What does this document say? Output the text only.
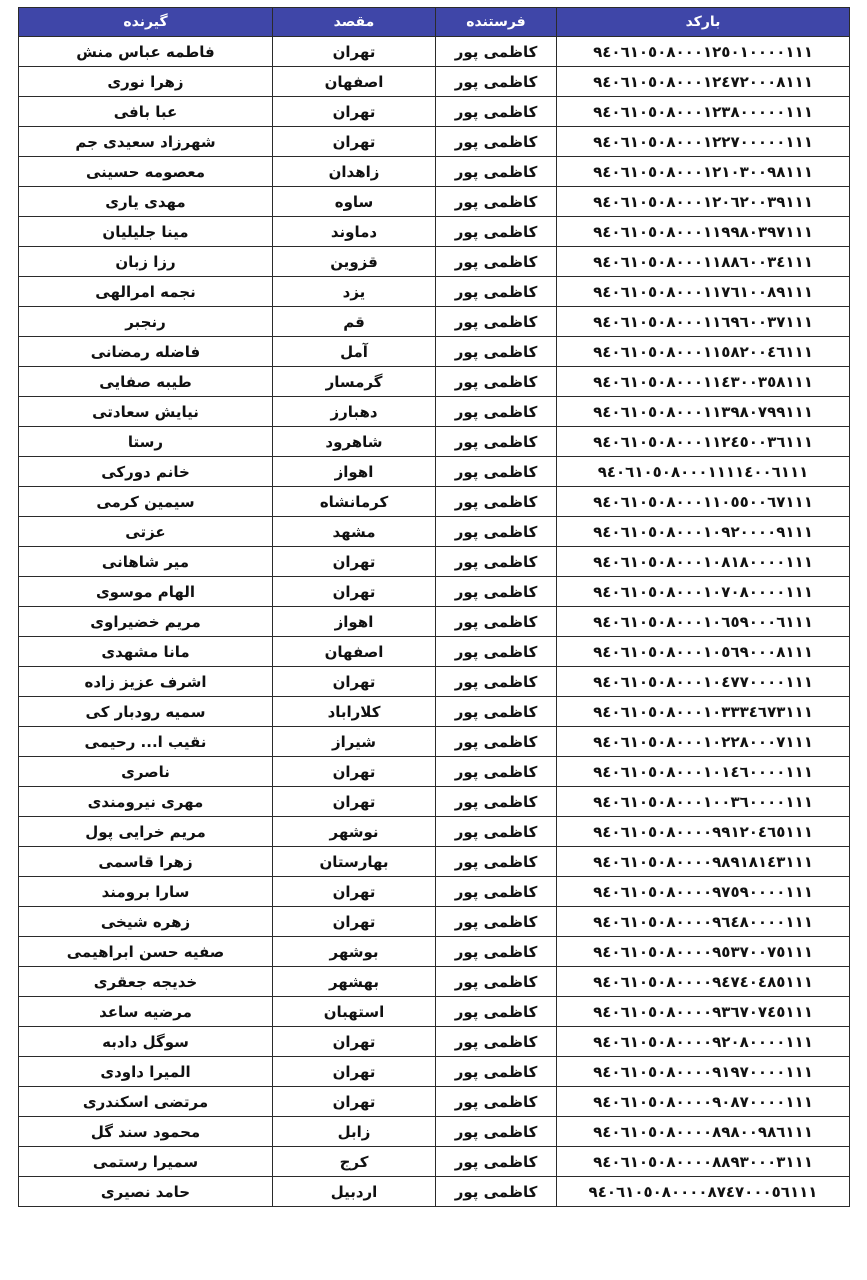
بارکد	فرستنده	مقصد	گیرنده
۹٤۰٦۱۰٥۰۸۰۰۰۱۲٥۰۱۰۰۰۰۱۱۱	کاظمی پور	تهران	فاطمه عباس منش
۹٤۰٦۱۰٥۰۸۰۰۰۱۲٤۷۲۰۰۰۸۱۱۱	کاظمی پور	اصفهان	زهرا نوری
۹٤۰٦۱۰٥۰۸۰۰۰۱۲۳۸۰۰۰۰۰۱۱۱	کاظمی پور	تهران	عبا بافی
۹٤۰٦۱۰٥۰۸۰۰۰۱۲۲۷۰۰۰۰۰۱۱۱	کاظمی پور	تهران	شهرزاد سعیدی جم
۹٤۰٦۱۰٥۰۸۰۰۰۱۲۱۰۳۰۰۹۸۱۱۱	کاظمی پور	زاهدان	معصومه حسینی
۹٤۰٦۱۰٥۰۸۰۰۰۱۲۰٦۲۰۰۳۹۱۱۱	کاظمی پور	ساوه	مهدی یاری
۹٤۰٦۱۰٥۰۸۰۰۰۱۱۹۹۸۰۳۹۷۱۱۱	کاظمی پور	دماوند	مینا جلیلیان
۹٤۰٦۱۰٥۰۸۰۰۰۱۱۸۸٦۰۰۳٤۱۱۱	کاظمی پور	قزوین	رزا زبان
۹٤۰٦۱۰٥۰۸۰۰۰۱۱۷٦۱۰۰۸۹۱۱۱	کاظمی پور	یزد	نجمه امرالهی
۹٤۰٦۱۰٥۰۸۰۰۰۱۱٦۹٦۰۰۳۷۱۱۱	کاظمی پور	قم	رنجبر
۹٤۰٦۱۰٥۰۸۰۰۰۱۱٥۸۲۰۰٤٦۱۱۱	کاظمی پور	آمل	فاضله رمضانی
۹٤۰٦۱۰٥۰۸۰۰۰۱۱٤۳۰۰۳٥۸۱۱۱	کاظمی پور	گرمسار	طیبه صفایی
۹٤۰٦۱۰٥۰۸۰۰۰۱۱۳۹۸۰۷۹۹۱۱۱	کاظمی پور	دهبارز	نیایش سعادتی
۹٤۰٦۱۰٥۰۸۰۰۰۱۱۲٤٥۰۰۳٦۱۱۱	کاظمی پور	شاهرود	رستا
۹٤۰٦۱۰٥۰۸۰۰۰۱۱۱۱٤۰۰٦۱۱۱	کاظمی پور	اهواز	خانم دورکی
۹٤۰٦۱۰٥۰۸۰۰۰۱۱۰٥٥۰۰٦۷۱۱۱	کاظمی پور	کرمانشاه	سیمین کرمی
۹٤۰٦۱۰٥۰۸۰۰۰۱۰۹۲۰۰۰۰۹۱۱۱	کاظمی پور	مشهد	عزتی
۹٤۰٦۱۰٥۰۸۰۰۰۱۰۸۱۸۰۰۰۰۱۱۱	کاظمی پور	تهران	میر شاهانی
۹٤۰٦۱۰٥۰۸۰۰۰۱۰۷۰۸۰۰۰۰۱۱۱	کاظمی پور	تهران	الهام موسوی
۹٤۰٦۱۰٥۰۸۰۰۰۱۰٦٥۹۰۰۰٦۱۱۱	کاظمی پور	اهواز	مریم خضیراوی
۹٤۰٦۱۰٥۰۸۰۰۰۱۰٥٦۹۰۰۰۸۱۱۱	کاظمی پور	اصفهان	مانا مشهدی
۹٤۰٦۱۰٥۰۸۰۰۰۱۰٤۷۷۰۰۰۰۱۱۱	کاظمی پور	تهران	اشرف عزیز زاده
۹٤۰٦۱۰٥۰۸۰۰۰۱۰۳۳۳٤٦۷۳۱۱۱	کاظمی پور	کلاراباد	سمیه رودبار کی
۹٤۰٦۱۰٥۰۸۰۰۰۱۰۲۲۸۰۰۰۷۱۱۱	کاظمی پور	شیراز	نقیب ا... رحیمی
۹٤۰٦۱۰٥۰۸۰۰۰۱۰۱٤٦۰۰۰۰۱۱۱	کاظمی پور	تهران	ناصری
۹٤۰٦۱۰٥۰۸۰۰۰۱۰۰۳٦۰۰۰۰۱۱۱	کاظمی پور	تهران	مهری نیرومندی
۹٤۰٦۱۰٥۰۸۰۰۰۰۹۹۱۲۰٤٦٥۱۱۱	کاظمی پور	نوشهر	مریم خرایی پول
۹٤۰٦۱۰٥۰۸۰۰۰۰۹۸۹۱۸۱٤۳۱۱۱	کاظمی پور	بهارستان	زهرا قاسمی
۹٤۰٦۱۰٥۰۸۰۰۰۰۹۷٥۹۰۰۰۰۱۱۱	کاظمی پور	تهران	سارا برومند
۹٤۰٦۱۰٥۰۸۰۰۰۰۹٦٤۸۰۰۰۰۱۱۱	کاظمی پور	تهران	زهره شیخی
۹٤۰٦۱۰٥۰۸۰۰۰۰۹٥۳۷۰۰۷٥۱۱۱	کاظمی پور	بوشهر	صفیه حسن ابراهیمی
۹٤۰٦۱۰٥۰۸۰۰۰۰۹٤۷٤۰٤۸٥۱۱۱	کاظمی پور	بهشهر	خدیجه جعقری
۹٤۰٦۱۰٥۰۸۰۰۰۰۹۳٦۷۰۷٤٥۱۱۱	کاظمی پور	استهبان	مرضیه ساعد
۹٤۰٦۱۰٥۰۸۰۰۰۰۹۲۰۸۰۰۰۰۱۱۱	کاظمی پور	تهران	سوگل دادبه
۹٤۰٦۱۰٥۰۸۰۰۰۰۹۱۹۷۰۰۰۰۱۱۱	کاظمی پور	تهران	المیرا داودی
۹٤۰٦۱۰٥۰۸۰۰۰۰۹۰۸۷۰۰۰۰۱۱۱	کاظمی پور	تهران	مرتضی اسکندری
۹٤۰٦۱۰٥۰۸۰۰۰۰۸۹۸۰۰۹۸٦۱۱۱	کاظمی پور	زابل	محمود سند گل
۹٤۰٦۱۰٥۰۸۰۰۰۰۸۸۹۳۰۰۰۳۱۱۱	کاظمی پور	کرج	سمیرا رستمی
۹٤۰٦۱۰٥۰۸۰۰۰۰۸۷٤۷۰۰۰٥٦۱۱۱	کاظمی پور	اردبیل	حامد نصیری
